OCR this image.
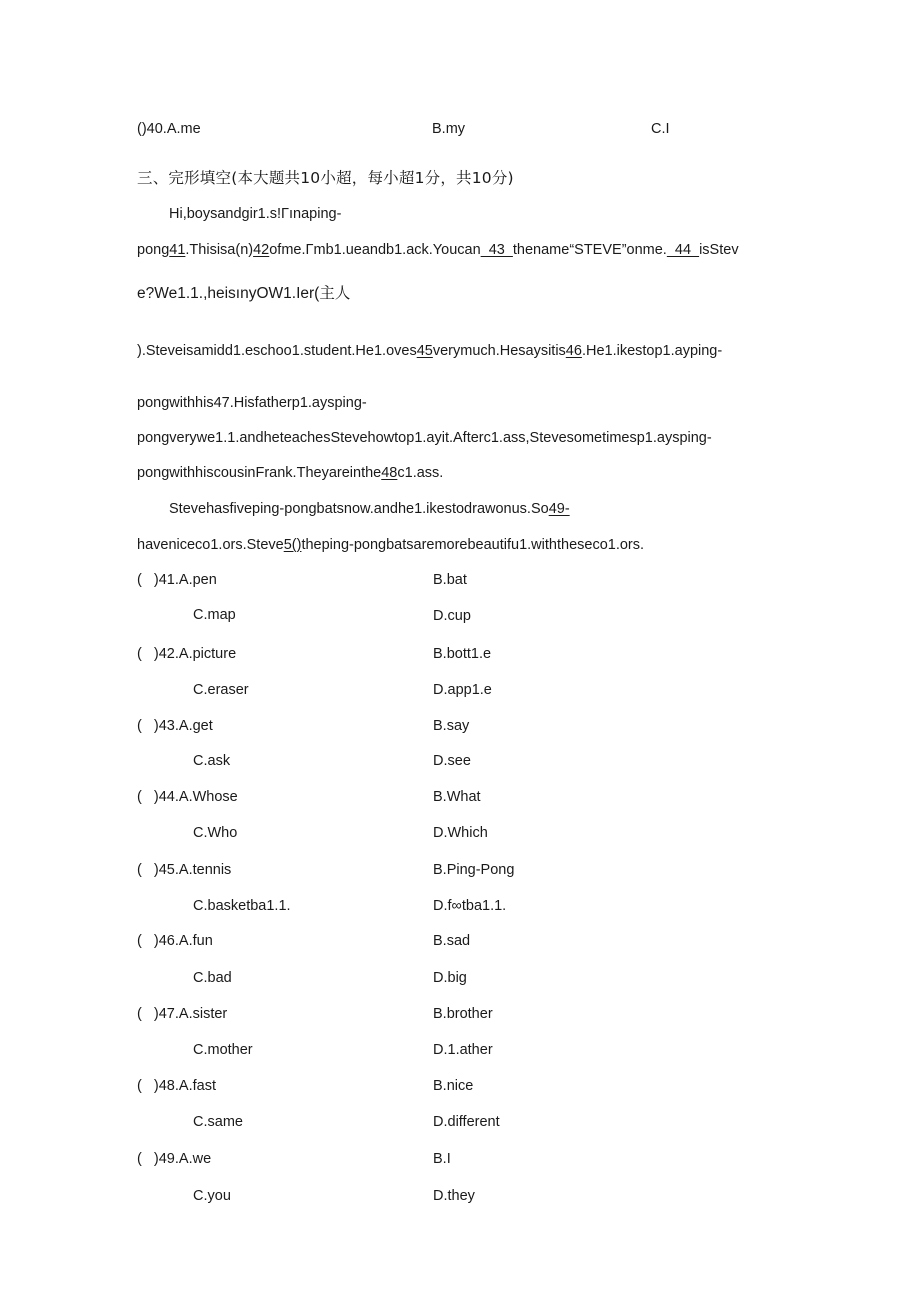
()40.A.me	B.my	C.I
三、完形填空(本大题共10小超，每小超1分，共10分)
Hi,boysandgir1.s!Γınaping-
pong41.Thisisa(n)42ofme.Γmb1.ueandb1.ack.Youcan  43  thename“STEVE”onme.  44  isStev
e?We1.1.,heisınyOW1.Ier(主人
).Steveisamidd1.eschoo1.student.He1.oves45verymuch.Hesaysitis46.He1.ikestop1.ayping-
pongwithhis47.Hisfatherp1.aysping-
pongverywe1.1.andheteachesStevehowtop1.ayit.Afterc1.ass,Stevesometimesp1.aysping-
pongwithhiscousinFrank.Theyareinthe48c1.ass.
Stevehasfiveping-pongbatsnow.andhe1.ikestodrawonus.So49-
haveniceco1.ors.Steve5()theping-pongbatsaremorebeautifu1.withtheseco1.ors.
(   )41.A.pen	B.bat
C.map	D.cup
(   )42.A.picture	B.bott1.e
C.eraser	D.app1.e
(   )43.A.get	B.say
C.ask	D.see
(   )44.A.Whose	B.What
C.Who	D.Which
(   )45.A.tennis	B.Ping-Pong
C.basketba1.1.	D.f∞tba1.1.
(   )46.A.fun	B.sad
C.bad	D.big
(   )47.A.sister	B.brother
C.mother	D.1.ather
(   )48.A.fast	B.nice
C.same	D.different
(   )49.A.we	B.I
C.you	D.they
